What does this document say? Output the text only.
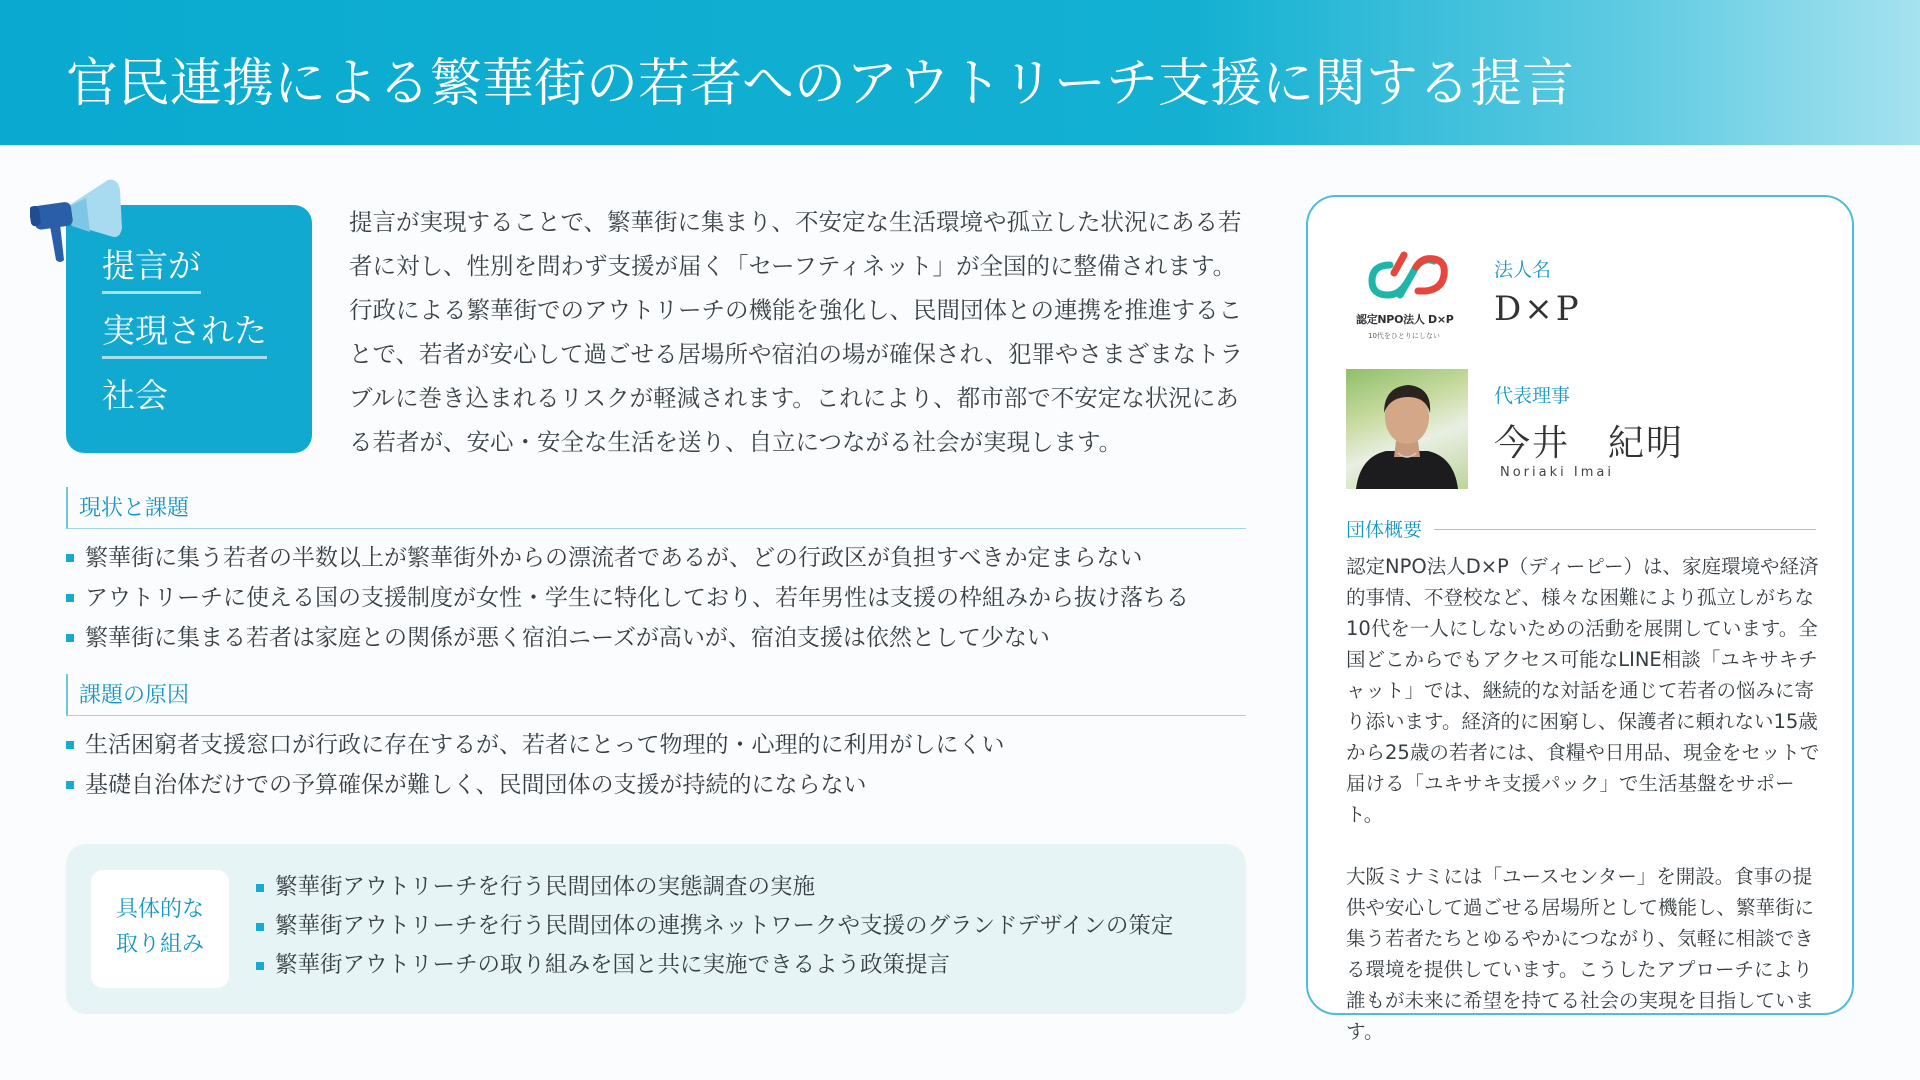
官民連携による繁華街の若者へのアウトリーチ支援に関する提言
提言が
実現された

社会

提言が実現することで、繁華街に集まり、不安定な生活環境や孤立した状況にある若者に対し、性別を問わず支援が届く「セーフティネット」が全国的に整備されます。行政による繁華街でのアウトリーチの機能を強化し、民間団体との連携を推進することで、若者が安心して過ごせる居場所や宿泊の場が確保され、犯罪やさまざまなトラブルに巻き込まれるリスクが軽減されます。これにより、都市部で不安定な状況にある若者が、安心・安全な生活を送り、自立につながる社会が実現します。

現状と課題
繁華街に集う若者の半数以上が繁華街外からの漂流者であるが、どの行政区が負担すべきか定まらない
アウトリーチに使える国の支援制度が女性・学生に特化しており、若年男性は支援の枠組みから抜け落ちる
繁華街に集まる若者は家庭との関係が悪く宿泊ニーズが高いが、宿泊支援は依然として少ない
課題の原因
生活困窮者支援窓口が行政に存在するが、若者にとって物理的・心理的に利用がしにくい
基礎自治体だけでの予算確保が難しく、民間団体の支援が持続的にならない
具体的な
取り組み
繁華街アウトリーチを行う民間団体の実態調査の実施
繁華街アウトリーチを行う民間団体の連携ネットワークや支援のグランドデザインの策定
繁華街アウトリーチの取り組みを国と共に実施できるよう政策提言
認定NPO法人 D×P
10代をひとりにしない
法人名
D×P
代表理事
今井　紀明
Noriaki Imai
団体概要

認定NPO法人D×P（ディーピー）は、家庭環境や経済的事情、不登校など、様々な困難により孤立しがちな10代を一人にしないための活動を展開しています。全国どこからでもアクセス可能なLINE相談「ユキサキチャット」では、継続的な対話を通じて若者の悩みに寄り添います。経済的に困窮し、保護者に頼れない15歳から25歳の若者には、食糧や日用品、現金をセットで届ける「ユキサキ支援パック」で生活基盤をサポート。

大阪ミナミには「ユースセンター」を開設。食事の提供や安心して過ごせる居場所として機能し、繁華街に集う若者たちとゆるやかにつながり、気軽に相談できる環境を提供しています。こうしたアプローチにより誰もが未来に希望を持てる社会の実現を目指しています。
